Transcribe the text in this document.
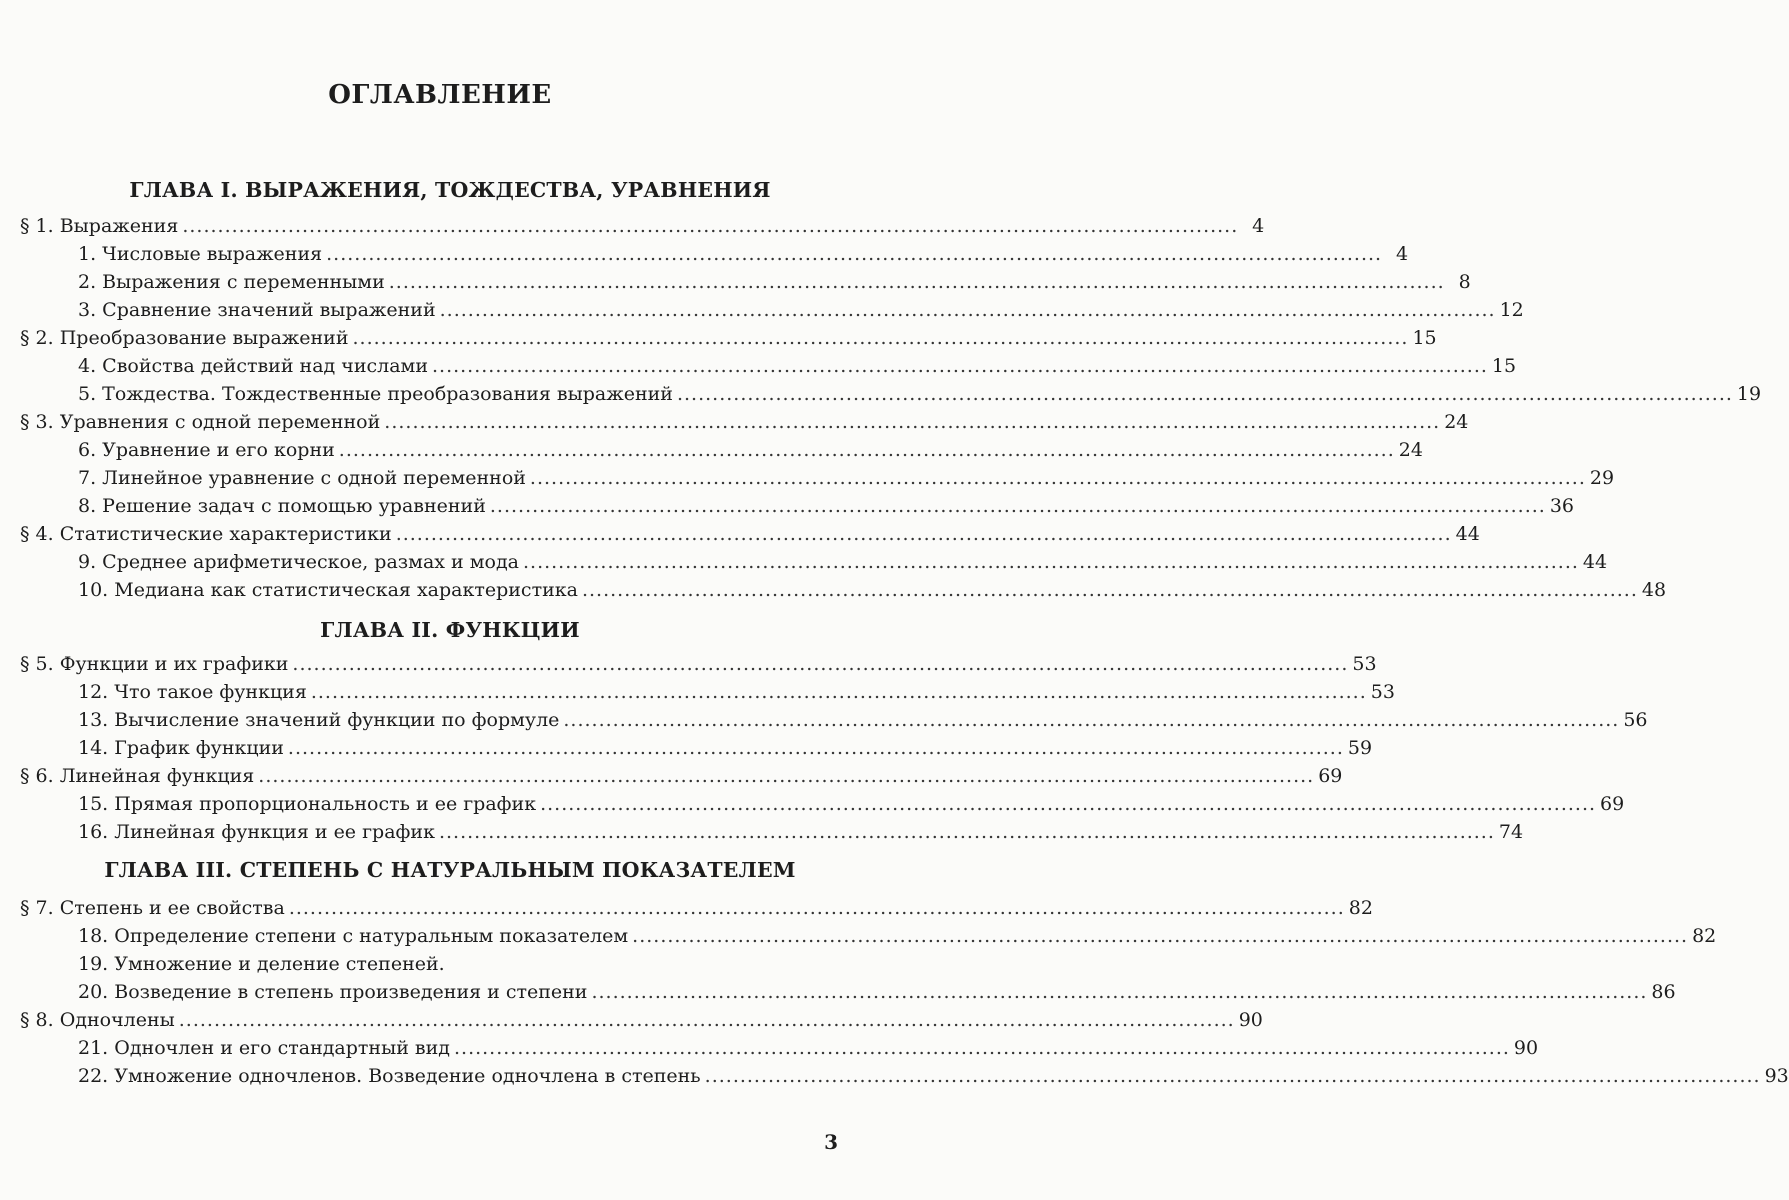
ОГЛАВЛЕНИЕ
ГЛАВА I. ВЫРАЖЕНИЯ, ТОЖДЕСТВА, УРАВНЕНИЯ
§ 1. Выражения ...................................................................................................................................................... 4
1. Числовые выражения ...................................................................................................................................................... 4
2. Выражения с переменными ...................................................................................................................................................... 8
3. Сравнение значений выражений ...................................................................................................................................................... 12
§ 2. Преобразование выражений ...................................................................................................................................................... 15
4. Свойства действий над числами ...................................................................................................................................................... 15
5. Тождества. Тождественные преобразования выражений ...................................................................................................................................................... 19
§ 3. Уравнения с одной переменной ...................................................................................................................................................... 24
6. Уравнение и его корни ...................................................................................................................................................... 24
7. Линейное уравнение с одной переменной ...................................................................................................................................................... 29
8. Решение задач с помощью уравнений ...................................................................................................................................................... 36
§ 4. Статистические характеристики ...................................................................................................................................................... 44
9. Среднее арифметическое, размах и мода ...................................................................................................................................................... 44
10. Медиана как статистическая характеристика ...................................................................................................................................................... 48
ГЛАВА II. ФУНКЦИИ
§ 5. Функции и их графики ...................................................................................................................................................... 53
12. Что такое функция ...................................................................................................................................................... 53
13. Вычисление значений функции по формуле ...................................................................................................................................................... 56
14. График функции ...................................................................................................................................................... 59
§ 6. Линейная функция ...................................................................................................................................................... 69
15. Прямая пропорциональность и ее график ...................................................................................................................................................... 69
16. Линейная функция и ее график ...................................................................................................................................................... 74
ГЛАВА III. СТЕПЕНЬ С НАТУРАЛЬНЫМ ПОКАЗАТЕЛЕМ
§ 7. Степень и ее свойства ...................................................................................................................................................... 82
18. Определение степени с натуральным показателем ...................................................................................................................................................... 82
19. Умножение и деление степеней.
20. Возведение в степень произведения и степени ...................................................................................................................................................... 86
§ 8. Одночлены ...................................................................................................................................................... 90
21. Одночлен и его стандартный вид ...................................................................................................................................................... 90
22. Умножение одночленов. Возведение одночлена в степень ...................................................................................................................................................... 93
3
